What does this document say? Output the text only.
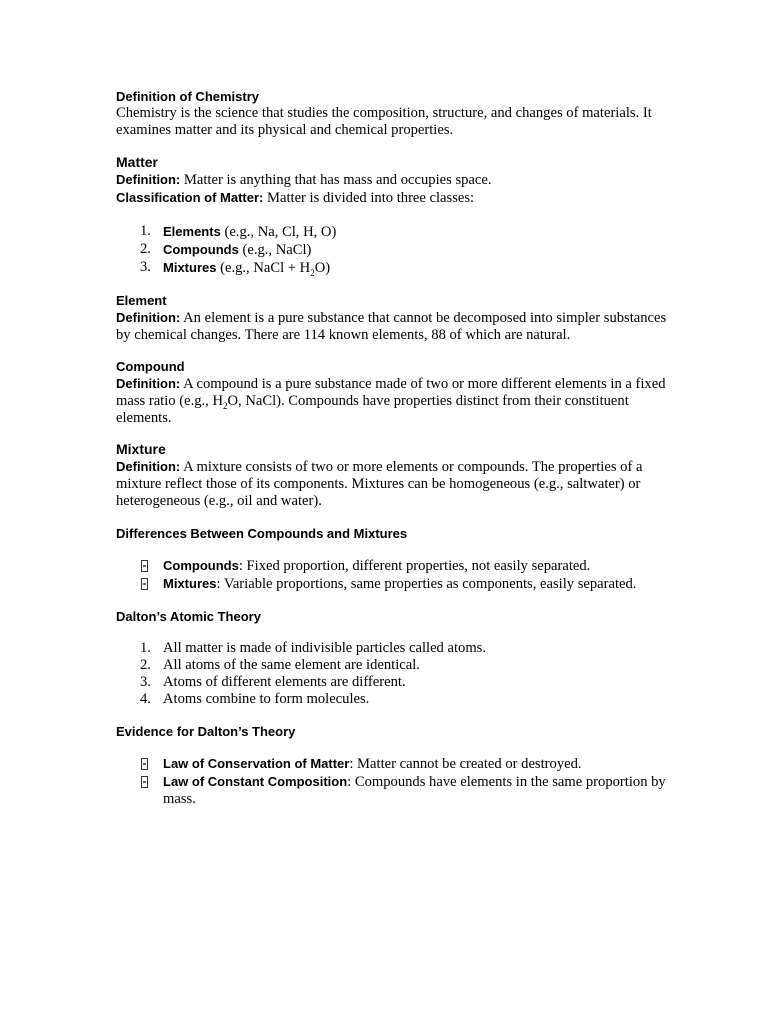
Definition of Chemistry

Chemistry is the science that studies the composition, structure, and changes of materials. It examines matter and its physical and chemical properties.

Matter

Definition: Matter is anything that has mass and occupies space.

Classification of Matter: Matter is divided into three classes:

1. Elements (e.g., Na, Cl, H, O)
2. Compounds (e.g., NaCl)
3. Mixtures (e.g., NaCl + $H_2O$)
Element

Definition: An element is a pure substance that cannot be decomposed into simpler substances by chemical changes. There are 114 known elements, 88 of which are natural.

Compound

Definition: A compound is a pure substance made of two or more different elements in a fixed mass ratio (e.g., $H_2O$, NaCl). Compounds have properties distinct from their constituent elements.

Mixture

Definition: A mixture consists of two or more elements or compounds. The properties of a mixture reflect those of its components. Mixtures can be homogeneous (e.g., saltwater) or heterogeneous (e.g., oil and water).

Differences Between Compounds and Mixtures
Compounds: Fixed proportion, different properties, not easily separated.
Mixtures: Variable proportions, same properties as components, easily separated.
Dalton’s Atomic Theory
1. All matter is made of indivisible particles called atoms.
2. All atoms of the same element are identical.
3. Atoms of different elements are different.
4. Atoms combine to form molecules.
Evidence for Dalton’s Theory
Law of Conservation of Matter: Matter cannot be created or destroyed.
Law of Constant Composition: Compounds have elements in the same proportion by mass.
